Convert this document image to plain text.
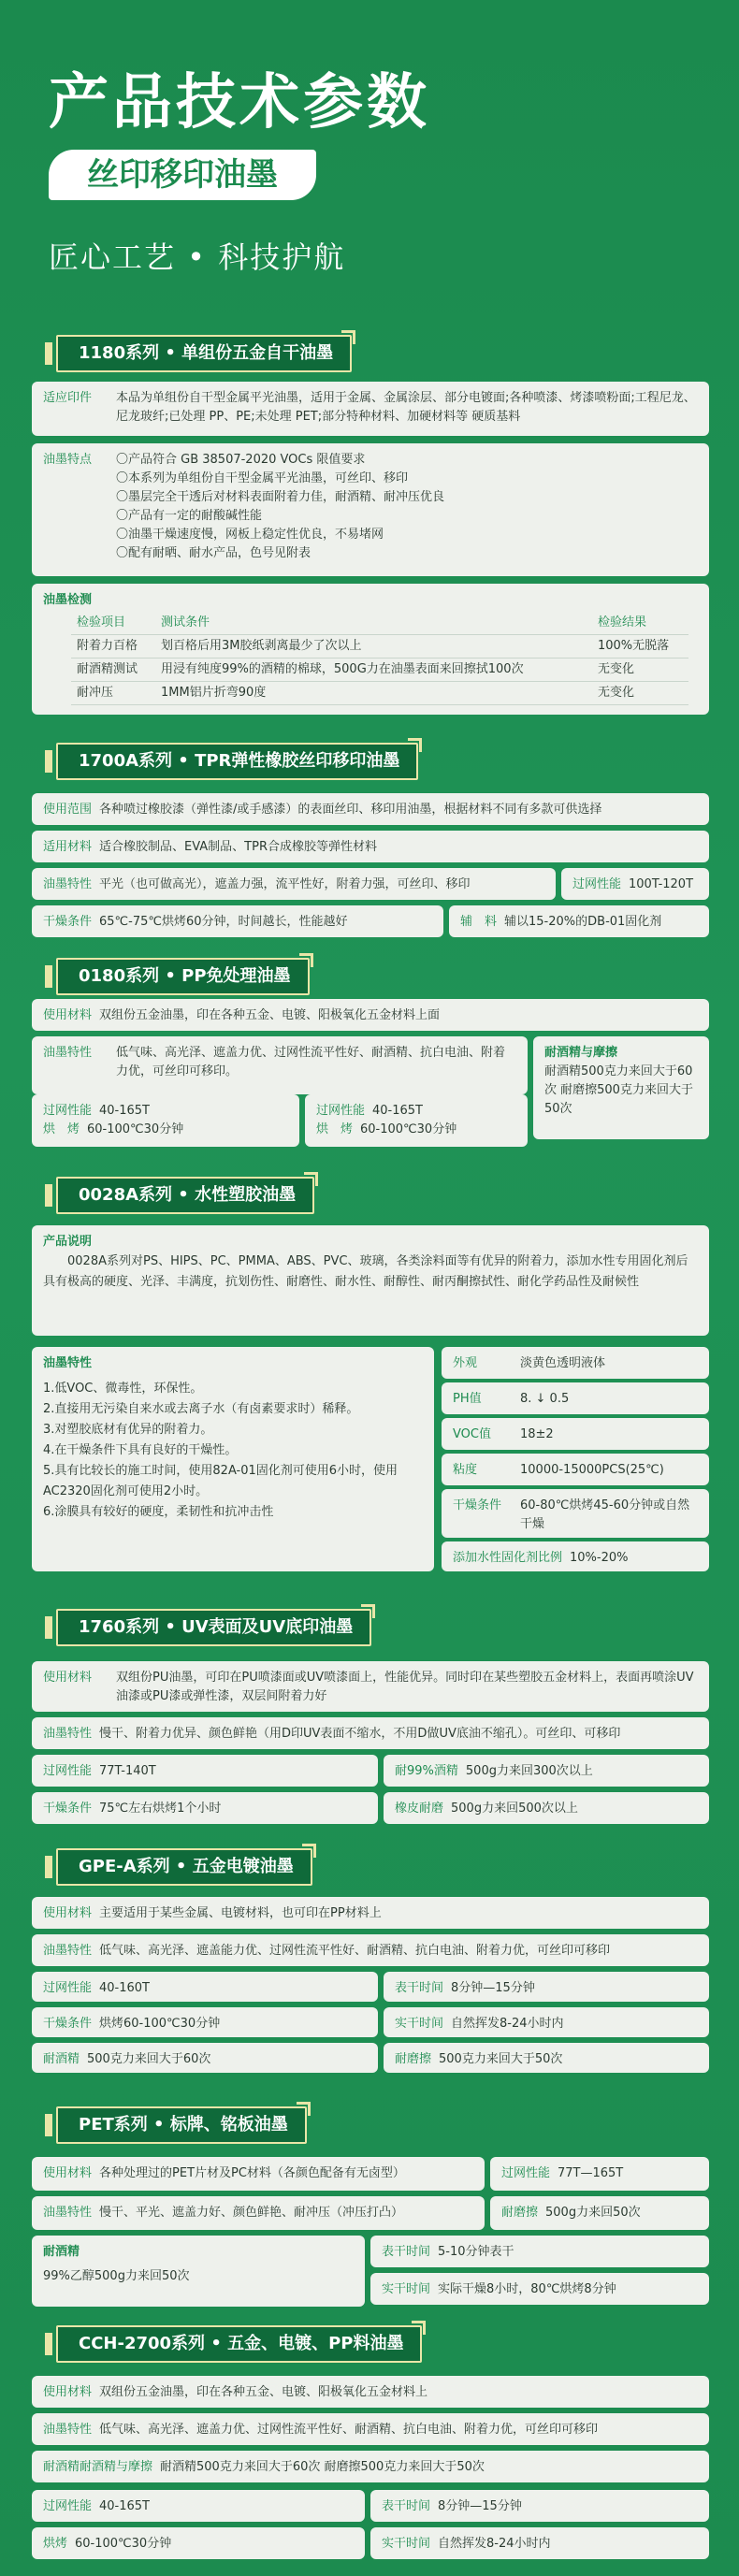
产品技术参数
丝印移印油墨
匠心工艺 • 科技护航
1180系列 • 单组份五金自干油墨
适应印件	本品为单组份自干型金属平光油墨，适用于金属、金属涂层、部分电镀面;各种喷漆、烤漆喷粉面;工程尼龙、尼龙玻纤;已处理 PP、PE;未处理 PET;部分特种材料、加硬材料等 硬质基料
油墨特点	〇产品符合 GB 38507-2020 VOCs 限值要求
〇本系列为单组份自干型金属平光油墨，可丝印、移印
〇墨层完全干透后对材料表面附着力佳，耐酒精、耐冲压优良
〇产品有一定的耐酸碱性能
〇油墨干燥速度慢，网板上稳定性优良，不易堵网
〇配有耐晒、耐水产品，色号见附表
油墨检测
检验项目	测试条件	检验结果
附着力百格	划百格后用3M胶纸剥离最少了次以上	100%无脱落
耐酒精测试	用浸有纯度99%的酒精的棉球，500G力在油墨表面来回擦拭100次	无变化
耐冲压	1MM铝片折弯90度	无变化
1700A系列 • TPR弹性橡胶丝印移印油墨
使用范围 各种喷过橡胶漆（弹性漆/或手感漆）的表面丝印、移印用油墨，根据材料不同有多款可供选择
适用材料 适合橡胶制品、EVA制品、TPR合成橡胶等弹性材料
油墨特性 平光（也可做高光），遮盖力强，流平性好，附着力强，可丝印、移印	过网性能 100T-120T
干燥条件 65℃-75℃烘烤60分钟，时间越长，性能越好	辅　料 辅以15-20%的DB-01固化剂
0180系列 • PP免处理油墨
使用材料 双组份五金油墨，印在各种五金、电镀、阳极氧化五金材料上面
油墨特性	低气味、高光泽、遮盖力优、过网性流平性好、耐酒精、抗白电油、附着力优，可丝印可移印。
耐酒精与摩擦
耐酒精500克力来回大于60次 耐磨擦500克力来回大于50次
过网性能 40-165T
烘　烤 60-100℃30分钟
过网性能 40-165T
烘　烤 60-100℃30分钟
0028A系列 • 水性塑胶油墨
产品说明
0028A系列对PS、HIPS、PC、PMMA、ABS、PVC、玻璃，各类涂料面等有优异的附着力，添加水性专用固化剂后具有极高的硬度、光泽、丰满度，抗划伤性、耐磨性、耐水性、耐醇性、耐丙酮擦拭性、耐化学药品性及耐候性
油墨特性
1.低VOC、微毒性，环保性。
2.直接用无污染自来水或去离子水（有卤素要求时）稀释。
3.对塑胶底材有优异的附着力。
4.在干燥条件下具有良好的干燥性。
5.具有比较长的施工时间，使用82A-01固化剂可使用6小时，使用AC2320固化剂可使用2小时。
6.涂膜具有较好的硬度，柔韧性和抗冲击性
外观	淡黄色透明液体
PH值	8. ↓ 0.5
VOC值 18±2
粘度	10000-15000PCS(25℃)
干燥条件	60-80℃烘烤45-60分钟或自然干燥
添加水性固化剂比例 10%-20%
1760系列 • UV表面及UV底印油墨
使用材料	双组份PU油墨，可印在PU喷漆面或UV喷漆面上，性能优异。同时印在某些塑胶五金材料上，表面再喷涂UV油漆或PU漆或弹性漆，双层间附着力好
油墨特性 慢干、附着力优异、颜色鲜艳（用D印UV表面不缩水，不用D做UV底油不缩孔）。可丝印、可移印
过网性能 77T-140T	耐99%酒精 500g力来回300次以上
干燥条件 75℃左右烘烤1个小时	橡皮耐磨 500g力来回500次以上
GPE-A系列 • 五金电镀油墨
使用材料 主要适用于某些金属、电镀材料，也可印在PP材料上
油墨特性 低气味、高光泽、遮盖能力优、过网性流平性好、耐酒精、抗白电油、附着力优，可丝印可移印
过网性能 40-160T	表干时间 8分钟—15分钟
干燥条件 烘烤60-100℃30分钟	实干时间 自然挥发8-24小时内
耐酒精 500克力来回大于60次	耐磨擦 500克力来回大于50次
PET系列 • 标牌、铭板油墨
使用材料 各种处理过的PET片材及PC材料（各颜色配备有无卤型）	过网性能 77T—165T
油墨特性 慢干、平光、遮盖力好、颜色鲜艳、耐冲压（冲压打凸）	耐磨擦 500g力来回50次
耐酒精
99%乙醇500g力来回50次
表干时间 5-10分钟表干
实干时间 实际干燥8小时，80℃烘烤8分钟
CCH-2700系列 • 五金、电镀、PP料油墨
使用材料 双组份五金油墨，印在各种五金、电镀、阳极氧化五金材料上
油墨特性 低气味、高光泽、遮盖力优、过网性流平性好、耐酒精、抗白电油、附着力优，可丝印可移印
耐酒精耐酒精与摩擦 耐酒精500克力来回大于60次 耐磨擦500克力来回大于50次
过网性能 40-165T	表干时间 8分钟—15分钟
烘烤 60-100℃30分钟	实干时间 自然挥发8-24小时内
